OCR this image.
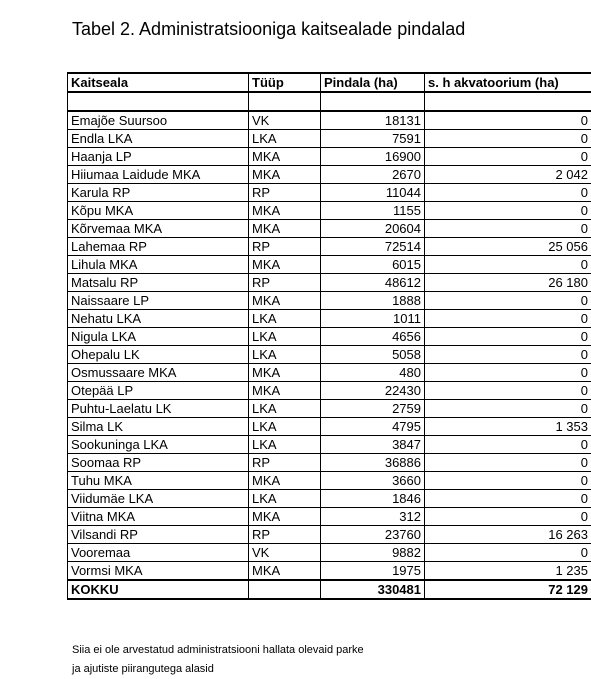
Tabel 2. Administratsiooniga kaitsealade pindalad
Kaitseala	Tüüp	Pindala (ha)	s. h akvatoorium (ha)

Emajõe Suursoo	VK	18131	0
Endla LKA	LKA	7591	0
Haanja LP	MKA	16900	0
Hiiumaa Laidude MKA	MKA	2670	2 042
Karula RP	RP	11044	0
Kõpu MKA	MKA	1155	0
Kõrvemaa MKA	MKA	20604	0
Lahemaa RP	RP	72514	25 056
Lihula MKA	MKA	6015	0
Matsalu RP	RP	48612	26 180
Naissaare LP	MKA	1888	0
Nehatu LKA	LKA	1011	0
Nigula LKA	LKA	4656	0
Ohepalu LK	LKA	5058	0
Osmussaare MKA	MKA	480	0
Otepää LP	MKA	22430	0
Puhtu-Laelatu LK	LKA	2759	0
Silma LK	LKA	4795	1 353
Sookuninga LKA	LKA	3847	0
Soomaa RP	RP	36886	0
Tuhu MKA	MKA	3660	0
Viidumäe LKA	LKA	1846	0
Viitna MKA	MKA	312	0
Vilsandi RP	RP	23760	16 263
Vooremaa	VK	9882	0
Vormsi MKA	MKA	1975	1 235
KOKKU		330481	72 129
Siia ei ole arvestatud administratsiooni hallata olevaid parke
ja ajutiste piirangutega alasid
